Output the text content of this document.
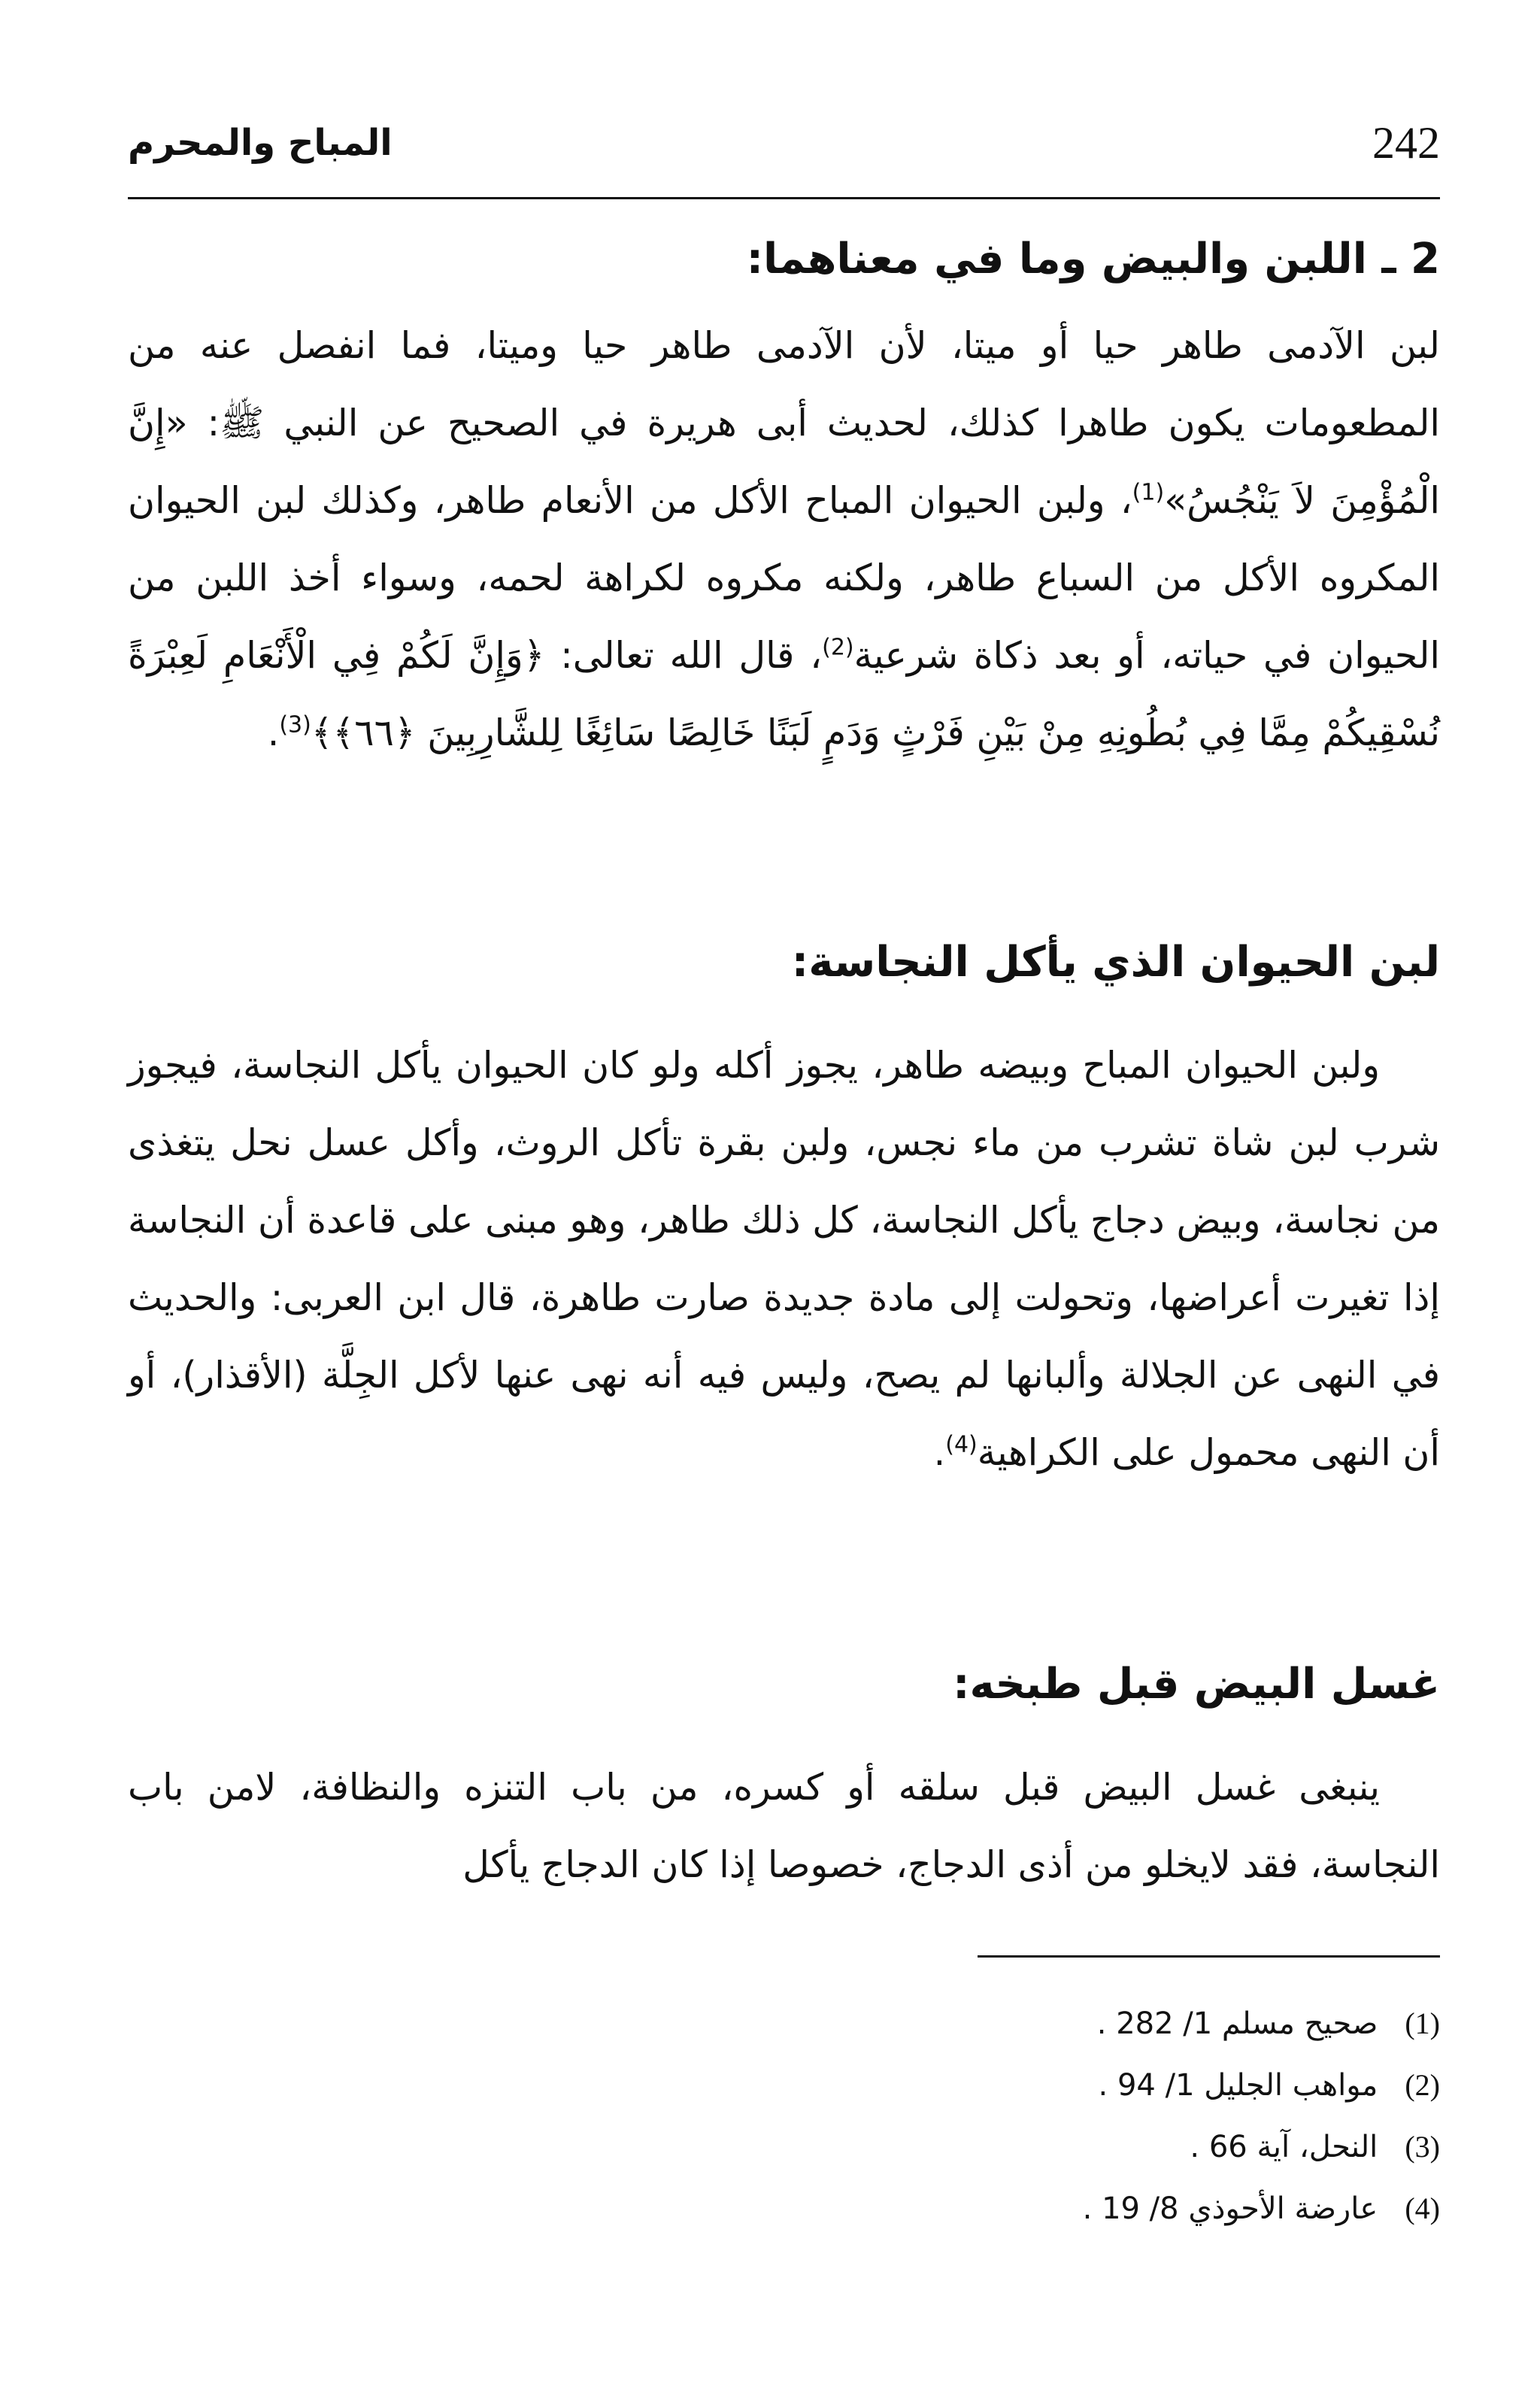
242
المباح والمحرم

2 ـ اللبن والبيض وما في معناهما:

لبن الآدمى طاهر حيا أو ميتا، لأن الآدمى طاهر حيا وميتا، فما انفصل عنه من المطعومات يكون طاهرا كذلك، لحديث أبى هريرة في الصحيح عن النبي ﷺ: «إِنَّ الْمُؤْمِنَ لاَ يَنْجُسُ»$^{(1)}$، ولبن الحيوان المباح الأكل من الأنعام طاهر، وكذلك لبن الحيوان المكروه الأكل من السباع طاهر، ولكنه مكروه لكراهة لحمه، وسواء أخذ اللبن من الحيوان في حياته، أو بعد ذكاة شرعية$^{(2)}$، قال الله تعالى: ﴿وَإِنَّ لَكُمْ فِي الْأَنْعَامِ لَعِبْرَةً نُسْقِيكُمْ مِمَّا فِي بُطُونِهِ مِنْ بَيْنِ فَرْثٍ وَدَمٍ لَبَنًا خَالِصًا سَائِغًا لِلشَّارِبِينَ ﴿٦٦﴾﴾$^{(3)}$.

لبن الحيوان الذي يأكل النجاسة:

ولبن الحيوان المباح وبيضه طاهر، يجوز أكله ولو كان الحيوان يأكل النجاسة، فيجوز شرب لبن شاة تشرب من ماء نجس، ولبن بقرة تأكل الروث، وأكل عسل نحل يتغذى من نجاسة، وبيض دجاج يأكل النجاسة، كل ذلك طاهر، وهو مبنى على قاعدة أن النجاسة إذا تغيرت أعراضها، وتحولت إلى مادة جديدة صارت طاهرة، قال ابن العربى: والحديث في النهى عن الجلالة وألبانها لم يصح، وليس فيه أنه نهى عنها لأكل الجِلَّة (الأقذار)، أو أن النهى محمول على الكراهية$^{(4)}$.

غسل البيض قبل طبخه:

ينبغى غسل البيض قبل سلقه أو كسره، من باب التنزه والنظافة، لامن باب النجاسة، فقد لايخلو من أذى الدجاج، خصوصا إذا كان الدجاج يأكل

(1) صحيح مسلم 1/ 282 .
(2) مواهب الجليل 1/ 94 .
(3) النحل، آية 66 .
(4) عارضة الأحوذي 8/ 19 .
